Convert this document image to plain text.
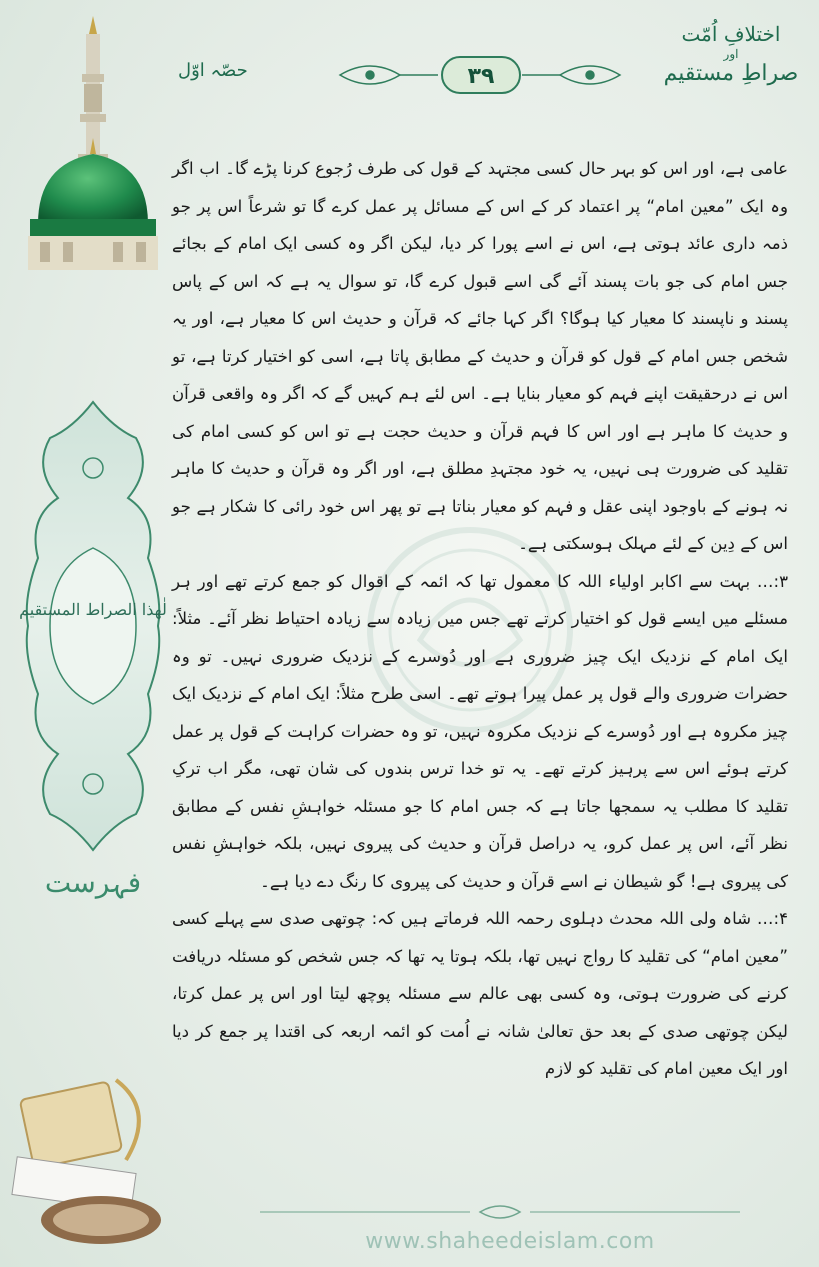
اختلافِ اُمّت
اور
صراطِ مستقیم
۳۹
حصّہ اوّل
لٰھذا الصراط المستقیم
فہرست

عامی ہے، اور اس کو بہر حال کسی مجتہد کے قول کی طرف رُجوع کرنا پڑے گا۔ اب اگر وہ ایک ”معین امام“ پر اعتماد کر کے اس کے مسائل پر عمل کرے گا تو شرعاً اس پر جو ذمہ داری عائد ہوتی ہے، اس نے اسے پورا کر دیا، لیکن اگر وہ کسی ایک امام کے بجائے جس امام کی جو بات پسند آئے گی اسے قبول کرے گا، تو سوال یہ ہے کہ اس کے پاس پسند و ناپسند کا معیار کیا ہوگا؟ اگر کہا جائے کہ قرآن و حدیث اس کا معیار ہے، اور یہ شخص جس امام کے قول کو قرآن و حدیث کے مطابق پاتا ہے، اسی کو اختیار کرتا ہے، تو اس نے درحقیقت اپنے فہم کو معیار بنایا ہے۔ اس لئے ہم کہیں گے کہ اگر وہ واقعی قرآن و حدیث کا ماہر ہے اور اس کا فہم قرآن و حدیث حجت ہے تو اس کو کسی امام کی تقلید کی ضرورت ہی نہیں، یہ خود مجتہدِ مطلق ہے، اور اگر وہ قرآن و حدیث کا ماہر نہ ہونے کے باوجود اپنی عقل و فہم کو معیار بناتا ہے تو پھر اس خود رائی کا شکار ہے جو اس کے دِین کے لئے مہلک ہوسکتی ہے۔

۳:… بہت سے اکابر اولیاء اللہ کا معمول تھا کہ ائمہ کے اقوال کو جمع کرتے تھے اور ہر مسئلے میں ایسے قول کو اختیار کرتے تھے جس میں زیادہ سے زیادہ احتیاط نظر آئے۔ مثلاً: ایک امام کے نزدیک ایک چیز ضروری ہے اور دُوسرے کے نزدیک ضروری نہیں۔ تو وہ حضرات ضروری والے قول پر عمل پیرا ہوتے تھے۔ اسی طرح مثلاً: ایک امام کے نزدیک ایک چیز مکروہ ہے اور دُوسرے کے نزدیک مکروہ نہیں، تو وہ حضرات کراہت کے قول پر عمل کرتے ہوئے اس سے پرہیز کرتے تھے۔ یہ تو خدا ترس بندوں کی شان تھی، مگر اب ترکِ تقلید کا مطلب یہ سمجھا جاتا ہے کہ جس امام کا جو مسئلہ خواہشِ نفس کے مطابق نظر آئے، اس پر عمل کرو، یہ دراصل قرآن و حدیث کی پیروی نہیں، بلکہ خواہشِ نفس کی پیروی ہے! گو شیطان نے اسے قرآن و حدیث کی پیروی کا رنگ دے دیا ہے۔

۴:… شاہ ولی اللہ محدث دہلوی رحمہ اللہ فرماتے ہیں کہ: چوتھی صدی سے پہلے کسی ”معین امام“ کی تقلید کا رواج نہیں تھا، بلکہ ہوتا یہ تھا کہ جس شخص کو مسئلہ دریافت کرنے کی ضرورت ہوتی، وہ کسی بھی عالم سے مسئلہ پوچھ لیتا اور اس پر عمل کرتا، لیکن چوتھی صدی کے بعد حق تعالیٰ شانہ نے اُمت کو ائمہ اربعہ کی اقتدا پر جمع کر دیا اور ایک معین امام کی تقلید کو لازم

www.shaheedeislam.com
